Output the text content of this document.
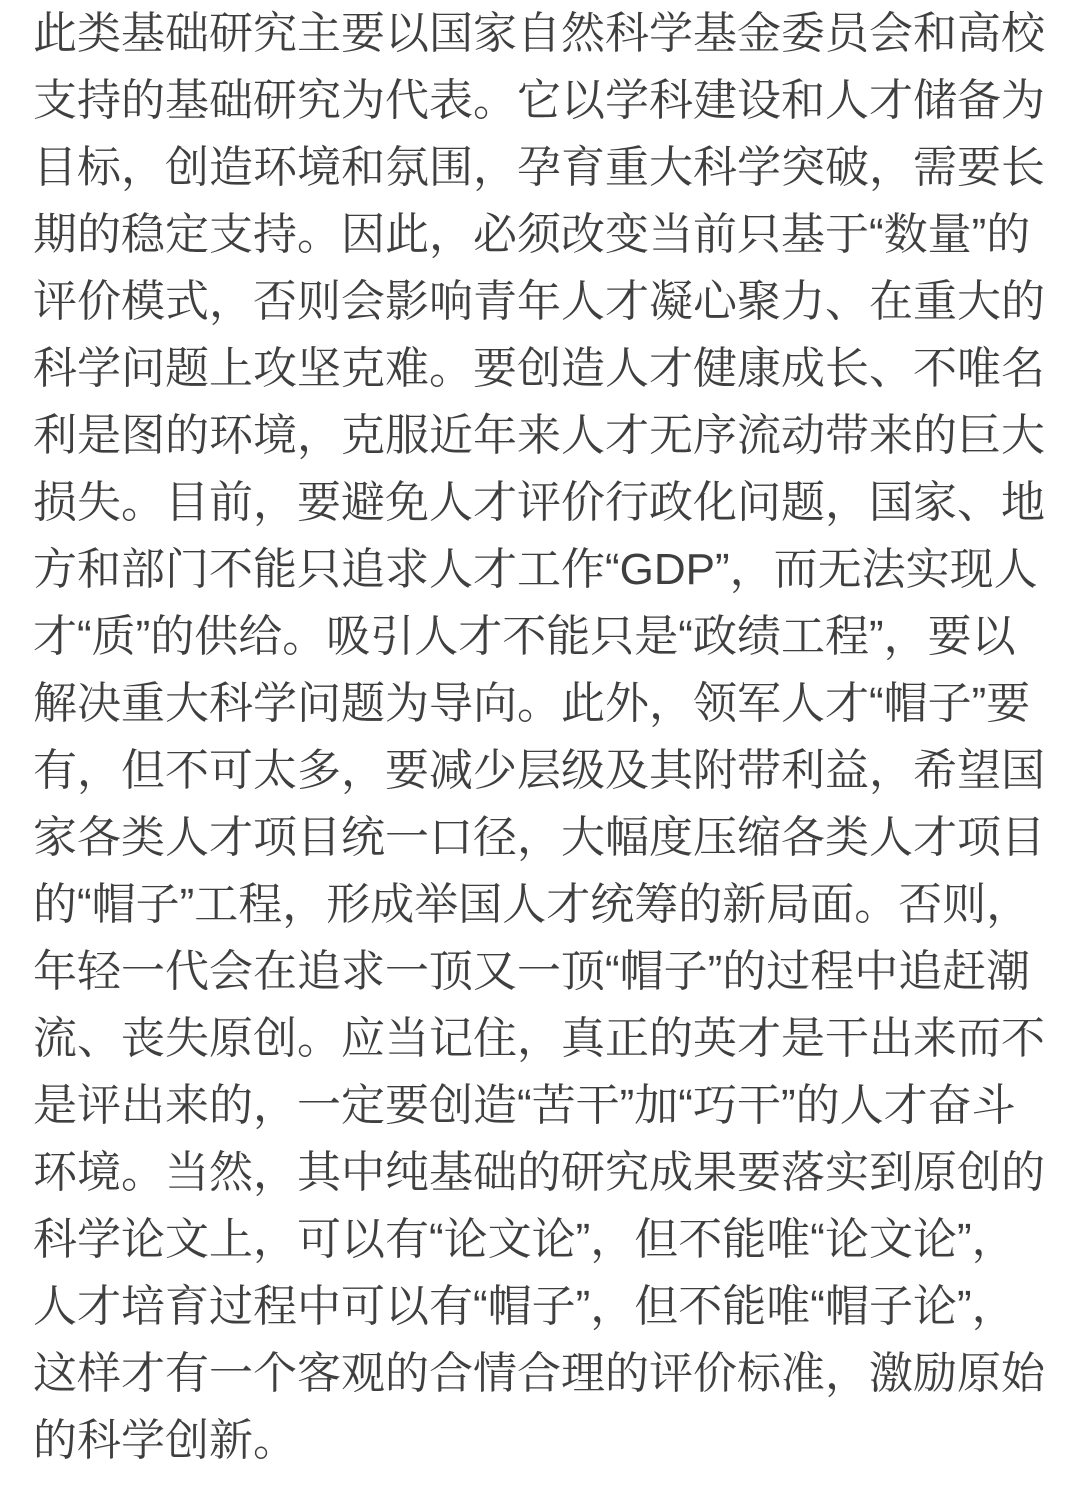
此类基础研究主要以国家自然科学基金委员会和高校

支持的基础研究为代表。它以学科建设和人才储备为

目标，创造环境和氛围，孕育重大科学突破，需要长

期的稳定支持。因此，必须改变当前只基于“数量”的

评价模式，否则会影响青年人才凝心聚力、在重大的

科学问题上攻坚克难。要创造人才健康成长、不唯名

利是图的环境，克服近年来人才无序流动带来的巨大

损失。目前，要避免人才评价行政化问题，国家、地

方和部门不能只追求人才工作“GDP”，而无法实现人

才“质”的供给。吸引人才不能只是“政绩工程”，要以

解决重大科学问题为导向。此外，领军人才“帽子”要

有，但不可太多，要减少层级及其附带利益，希望国

家各类人才项目统一口径，大幅度压缩各类人才项目

的“帽子”工程，形成举国人才统筹的新局面。否则，

年轻一代会在追求一顶又一顶“帽子”的过程中追赶潮

流、丧失原创。应当记住，真正的英才是干出来而不

是评出来的，一定要创造“苦干”加“巧干”的人才奋斗

环境。当然，其中纯基础的研究成果要落实到原创的

科学论文上，可以有“论文论”，但不能唯“论文论”，

人才培育过程中可以有“帽子”，但不能唯“帽子论”，

这样才有一个客观的合情合理的评价标准，激励原始

的科学创新。
